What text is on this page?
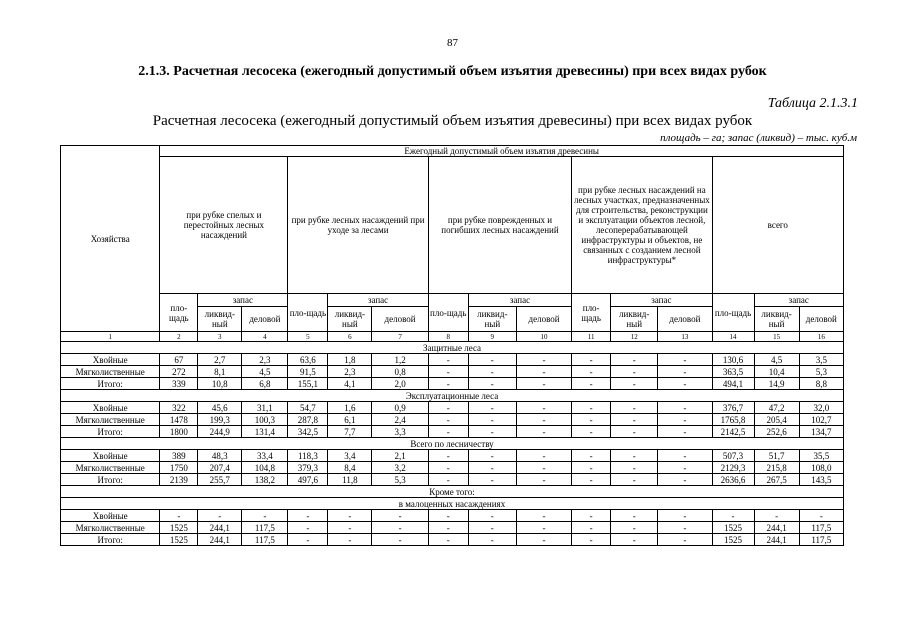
87
2.1.3. Расчетная лесосека (ежегодный допустимый объем изъятия древесины) при всех видах рубок
Таблица 2.1.3.1
Расчетная лесосека (ежегодный допустимый объем изъятия древесины) при всех видах рубок
площадь – га; запас (ликвид) – тыс. куб.м
Хозяйства	Ежегодный допустимый объем изъятия древесины														
	при рубке спелых и перестойных лесных насаждений			при рубке лесных насаждений при уходе за лесами			при рубке поврежденных и погибших лесных насаждений			при рубке лесных насаждений на лесных участках, предназначенных для строительства, реконструкции и эксплуатации объектов лесной, лесоперерабатывающей инфраструктуры и объектов, не связанных с созданием лесной инфраструктуры*			всего		
	пло-щадь	запас		пло-щадь	запас		пло-щадь	запас		пло-щадь	запас		пло-щадь	запас	
		ликвид-ный	деловой		ликвид-ный	деловой		ликвид-ный	деловой		ликвид-ный	деловой		ликвид-ный	деловой
1	2	3	4	5	6	7	8	9	10	11	12	13	14	15	16
Защитные леса															
Хвойные	67	2,7	2,3	63,6	1,8	1,2	-	-	-	-	-	-	130,6	4,5	3,5
Мягколиственные	272	8,1	4,5	91,5	2,3	0,8	-	-	-	-	-	-	363,5	10,4	5,3
Итого:	339	10,8	6,8	155,1	4,1	2,0	-	-	-	-	-	-	494,1	14,9	8,8
Эксплуатационные леса															
Хвойные	322	45,6	31,1	54,7	1,6	0,9	-	-	-	-	-	-	376,7	47,2	32,0
Мягколиственные	1478	199,3	100,3	287,8	6,1	2,4	-	-	-	-	-	-	1765,8	205,4	102,7
Итого:	1800	244,9	131,4	342,5	7,7	3,3	-	-	-	-	-	-	2142,5	252,6	134,7
Всего по лесничеству															
Хвойные	389	48,3	33,4	118,3	3,4	2,1	-	-	-	-	-	-	507,3	51,7	35,5
Мягколиственные	1750	207,4	104,8	379,3	8,4	3,2	-	-	-	-	-	-	2129,3	215,8	108,0
Итого:	2139	255,7	138,2	497,6	11,8	5,3	-	-	-	-	-	-	2636,6	267,5	143,5
Кроме того:															
в малоценных насаждениях															
Хвойные	-	-	-	-	-	-	-	-	-	-	-	-	-	-	-
Мягколиственные	1525	244,1	117,5	-	-	-	-	-	-	-	-	-	1525	244,1	117,5
Итого:	1525	244,1	117,5	-	-	-	-	-	-	-	-	-	1525	244,1	117,5
